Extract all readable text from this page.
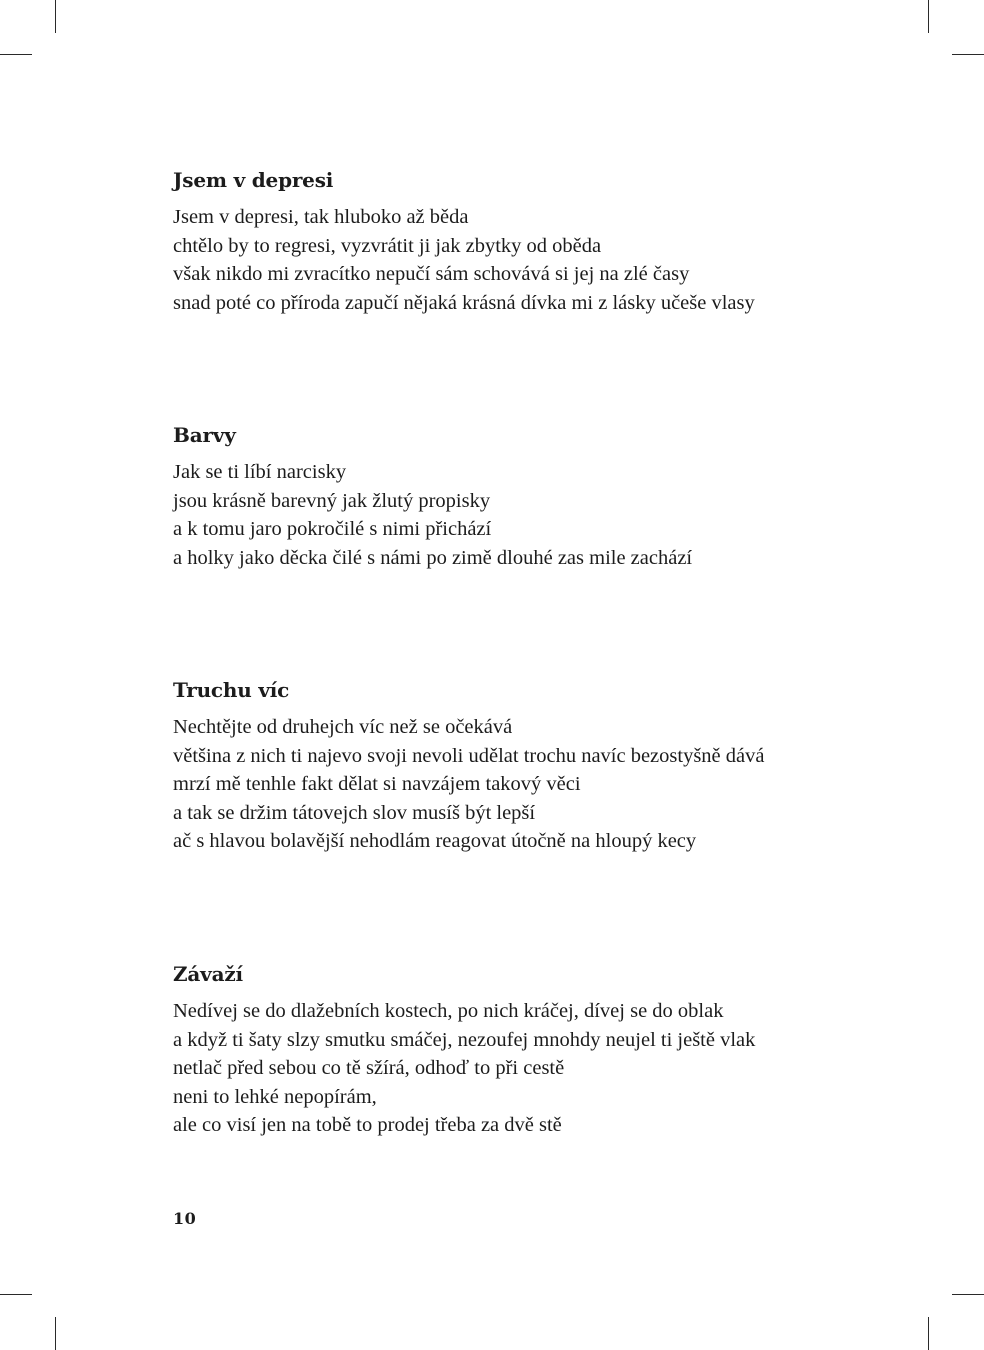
Jsem v depresi
Jsem v depresi, tak hluboko až běda
chtělo by to regresi, vyzvrátit ji jak zbytky od oběda
však nikdo mi zvracítko nepučí sám schovává si jej na zlé časy
snad poté co příroda zapučí nějaká krásná dívka mi z lásky učeše vlasy
Barvy
Jak se ti líbí narcisky
jsou krásně barevný jak žlutý propisky
a k tomu jaro pokročilé s nimi přichází
a holky jako děcka čilé s námi po zimě dlouhé zas mile zachází
Truchu víc
Nechtějte od druhejch víc než se očekává
většina z nich ti najevo svoji nevoli udělat trochu navíc bezostyšně dává
mrzí mě tenhle fakt dělat si navzájem takový věci
a tak se držim tátovejch slov musíš být lepší
ač s hlavou bolavější nehodlám reagovat útočně na hloupý kecy
Závaží
Nedívej se do dlažebních kostech, po nich kráčej, dívej se do oblak
a když ti šaty slzy smutku smáčej, nezoufej mnohdy neujel ti ještě vlak
netlač před sebou co tě sžírá, odhoď to při cestě
neni to lehké nepopírám,
ale co visí jen na tobě to prodej třeba za dvě stě
10
